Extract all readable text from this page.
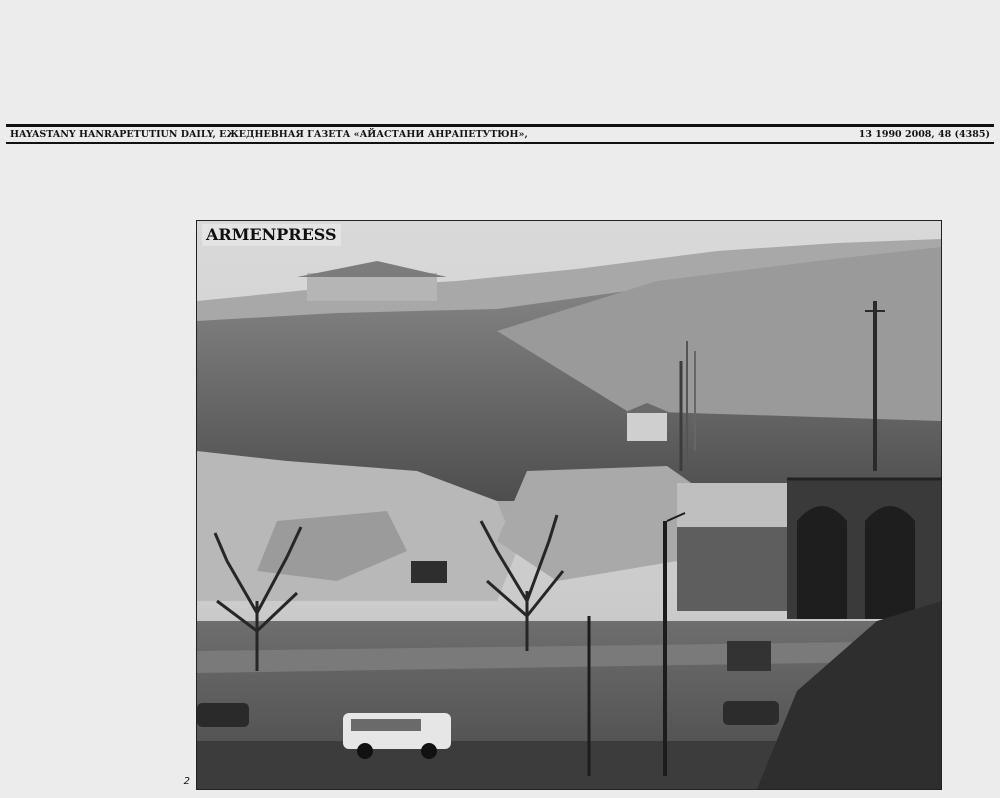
HAYASTANY HANRAPETUTIUN DAILY, ЕЖЕДНЕВНАЯ ГАЗЕТА «АЙАСТАНИ АНРАПЕТУТЮН»,	13 1990 2008, 48 (4385)

2
ARMENPRESS
